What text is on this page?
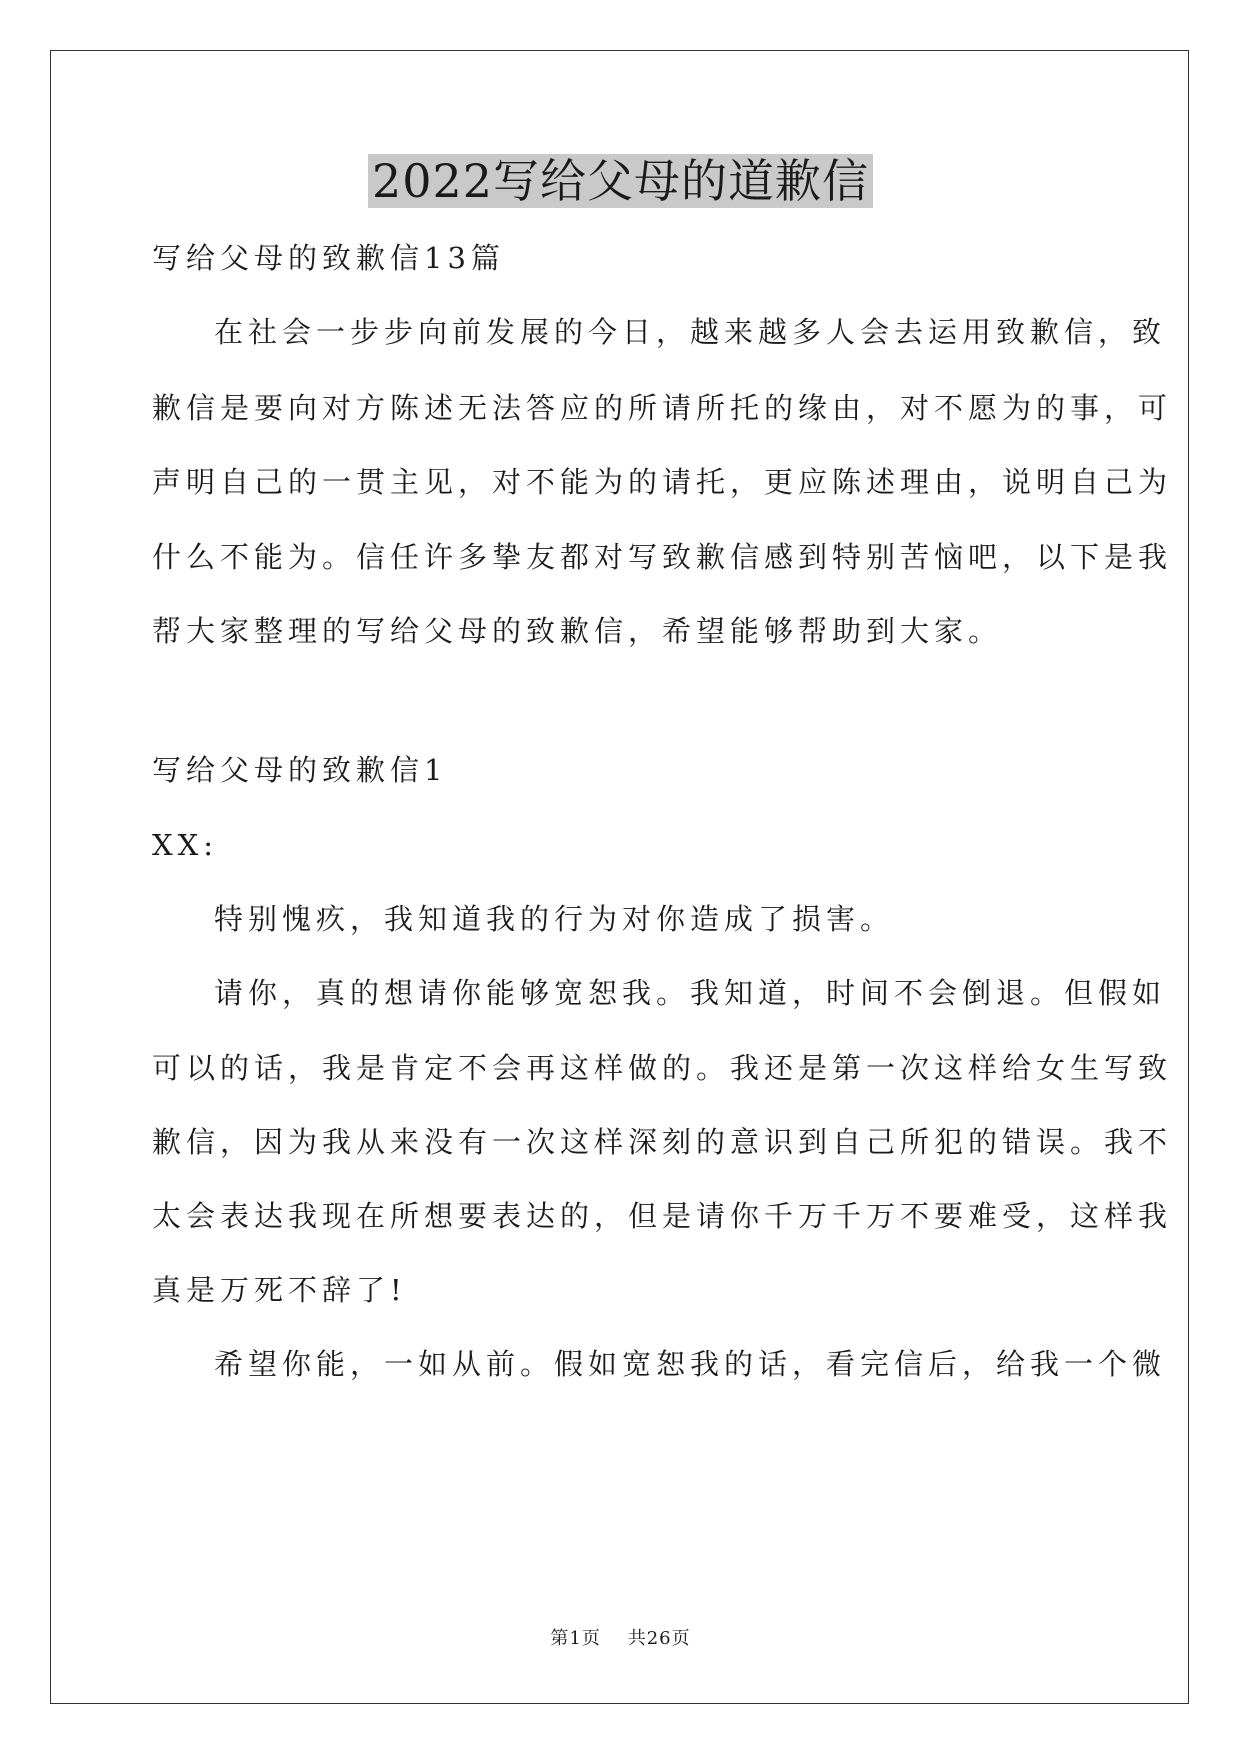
2022写给父母的道歉信

写给父母的致歉信13篇

在社会一步步向前发展的今日，越来越多人会去运用致歉信，致

歉信是要向对方陈述无法答应的所请所托的缘由，对不愿为的事，可

声明自己的一贯主见，对不能为的请托，更应陈述理由，说明自己为

什么不能为。信任许多挚友都对写致歉信感到特别苦恼吧，以下是我

帮大家整理的写给父母的致歉信，希望能够帮助到大家。

写给父母的致歉信1

XX:

特别愧疚，我知道我的行为对你造成了损害。

请你，真的想请你能够宽恕我。我知道，时间不会倒退。但假如

可以的话，我是肯定不会再这样做的。我还是第一次这样给女生写致

歉信，因为我从来没有一次这样深刻的意识到自己所犯的错误。我不

太会表达我现在所想要表达的，但是请你千万千万不要难受，这样我

真是万死不辞了!

希望你能，一如从前。假如宽恕我的话，看完信后，给我一个微

第1页    共26页
